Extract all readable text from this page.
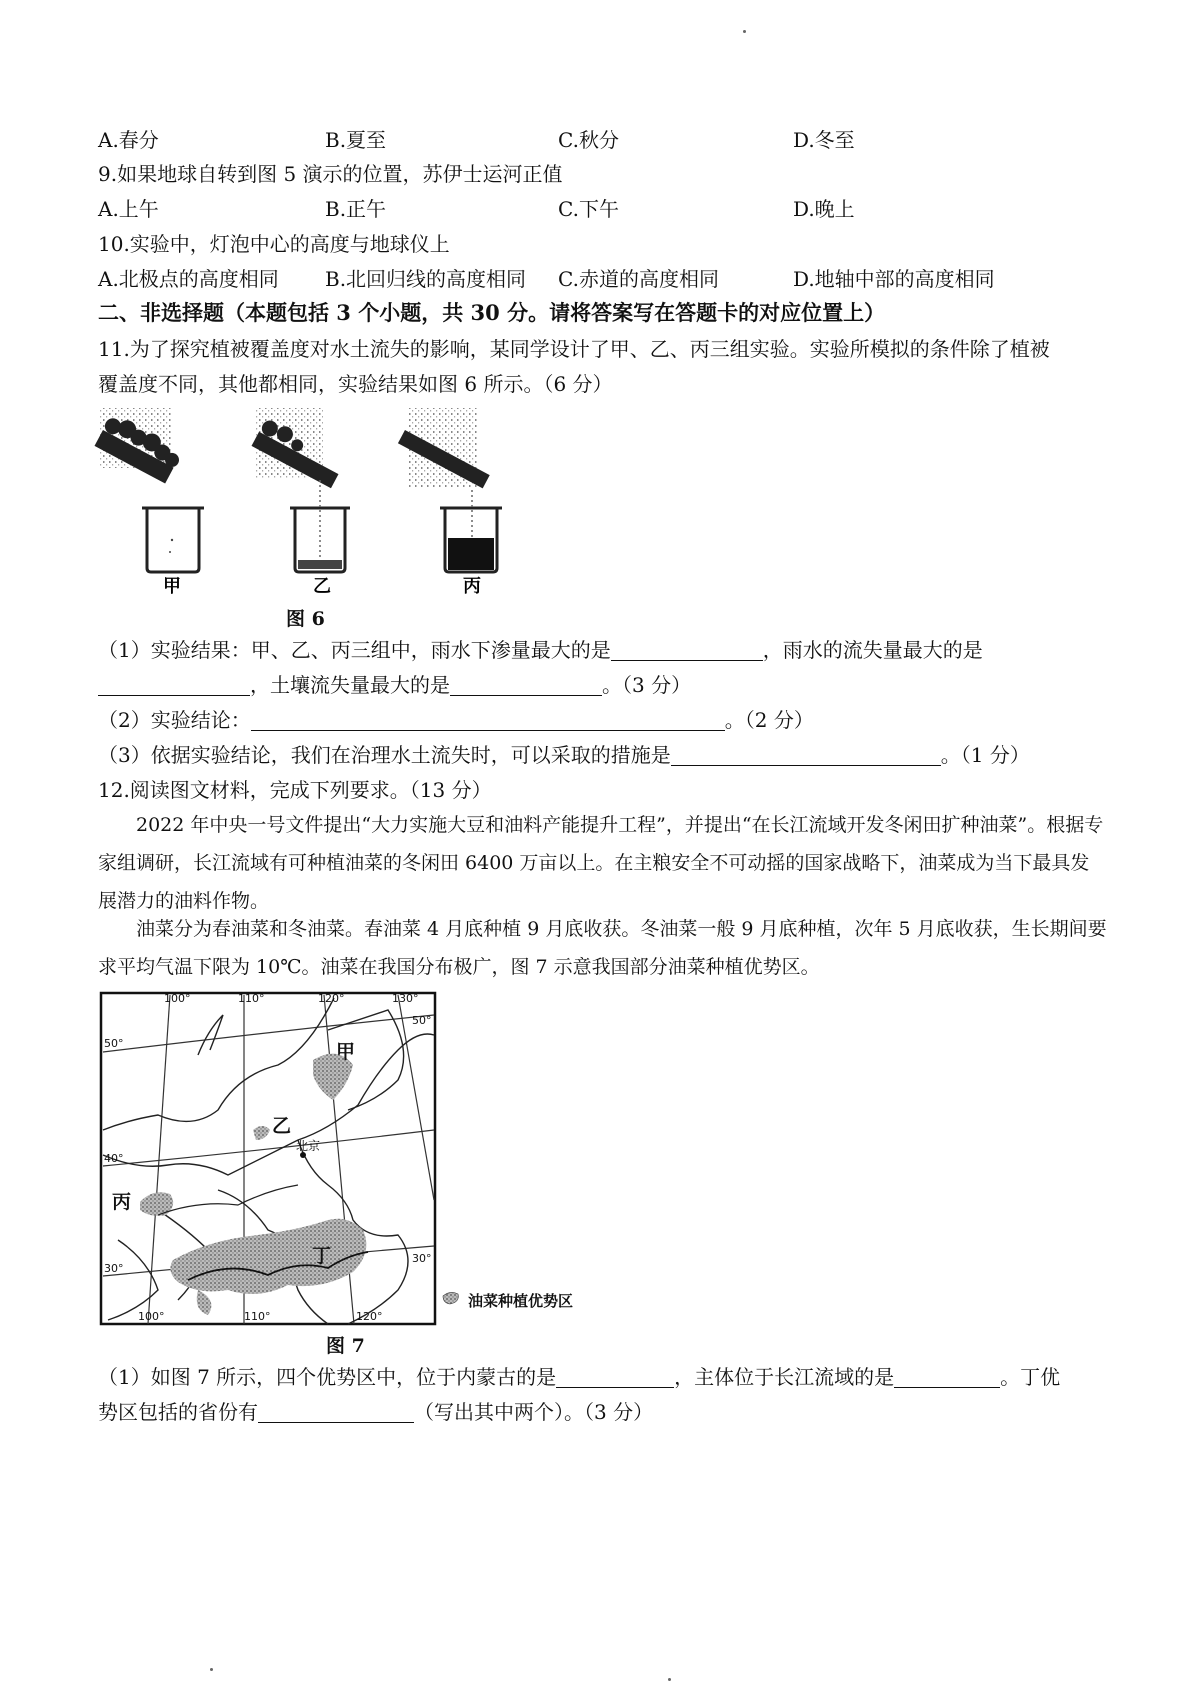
A.春分	B.夏至	C.秋分	D.冬至
9.如果地球自转到图 5 演示的位置，苏伊士运河正值
A.上午	B.正午	C.下午	D.晚上
10.实验中，灯泡中心的高度与地球仪上
A.北极点的高度相同 B.北回归线的高度相同 C.赤道的高度相同	D.地轴中部的高度相同
二、非选择题（本题包括 3 个小题，共 30 分。请将答案写在答题卡的对应位置上）
11.为了探究植被覆盖度对水土流失的影响，某同学设计了甲、乙、丙三组实验。实验所模拟的条件除了植被
覆盖度不同，其他都相同，实验结果如图 6 所示。（6 分）
甲	乙	丙
图 6
（1）实验结果：甲、乙、丙三组中，雨水下渗量最大的是	，雨水的流失量最大的是
，土壤流失量最大的是	。（3 分）
（2）实验结论：	。（2 分）
（3）依据实验结论，我们在治理水土流失时，可以采取的措施是	。（1 分）
12.阅读图文材料，完成下列要求。（13 分）
2022 年中央一号文件提出“大力实施大豆和油料产能提升工程”，并提出“在长江流域开发冬闲田扩种油菜”。根据专家组调研，长江流域有可种植油菜的冬闲田 6400 万亩以上。在主粮安全不可动摇的国家战略下，油菜成为当下最具发展潜力的油料作物。
油菜分为春油菜和冬油菜。春油菜 4 月底种植 9 月底收获。冬油菜一般 9 月底种植，次年 5 月底收获，生长期间要求平均气温下限为 10℃。油菜在我国分布极广，图 7 示意我国部分油菜种植优势区。
100°	110°	120°	130°
100°	110°	120°
50°
40°
30°
50°
30°
北京
甲
乙
丙
丁
油菜种植优势区
图 7
（1）如图 7 所示，四个优势区中，位于内蒙古的是	，主体位于长江流域的是	。丁优
势区包括的省份有	（写出其中两个）。（3 分）
